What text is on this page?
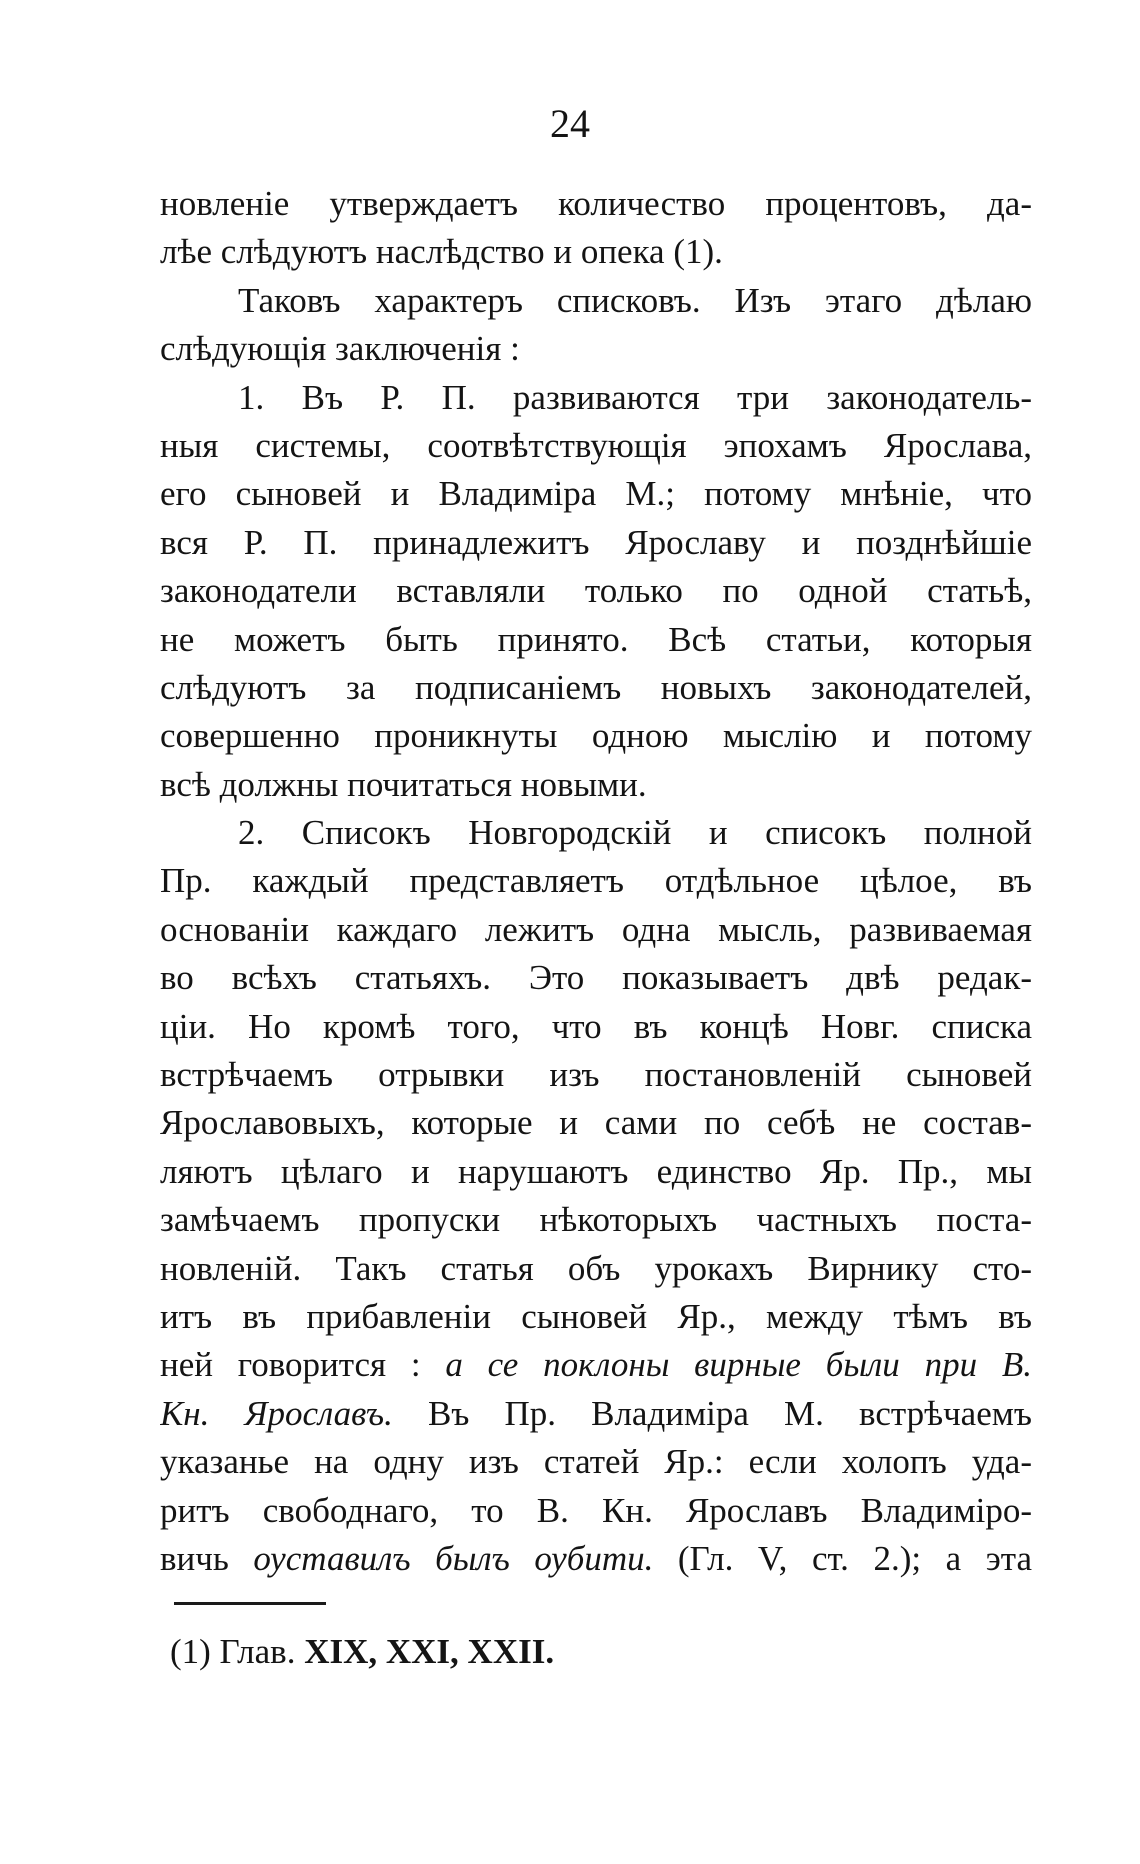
24
новленіе утверждаетъ количество процентовъ, да-
лѣе слѣдуютъ наслѣдство и опека (1).
Таковъ характеръ списковъ. Изъ этаго дѣлаю
слѣдующія заключенія :
1. Въ Р. П. развиваются три законодатель-
ныя системы, соотвѣтствующія эпохамъ Ярослава,
его сыновей и Владиміра М.; потому мнѣніе, что
вся Р. П. принадлежитъ Ярославу и позднѣйшіе
законодатели вставляли только по одной статьѣ,
не можетъ быть принято. Всѣ статьи, которыя
слѣдуютъ за подписаніемъ новыхъ законодателей,
совершенно проникнуты одною мыслію и потому
всѣ должны почитаться новыми.
2. Списокъ Новгородскій и списокъ полной
Пр. каждый представляетъ отдѣльное цѣлое, въ
основаніи каждаго лежитъ одна мысль, развиваемая
во всѣхъ статьяхъ. Это показываетъ двѣ редак-
ціи. Но кромѣ того, что въ концѣ Новг. списка
встрѣчаемъ отрывки изъ постановленій сыновей
Ярославовыхъ, которые и сами по себѣ не состав-
ляютъ цѣлаго и нарушаютъ единство Яр. Пр., мы
замѣчаемъ пропуски нѣкоторыхъ частныхъ поста-
новленій. Такъ статья объ урокахъ Вирнику сто-
итъ въ прибавленіи сыновей Яр., между тѣмъ въ
ней говорится : а се поклоны вирные были при В.
Кн. Ярославъ. Въ Пр. Владиміра М. встрѣчаемъ
указанье на одну изъ статей Яр.: если холопъ уда-
ритъ свободнаго, то В. Кн. Ярославъ Владиміро-
вичь оуставилъ былъ оубити. (Гл. V, ст. 2.); а эта
(1) Глав. XIX, XXI, XXII.
